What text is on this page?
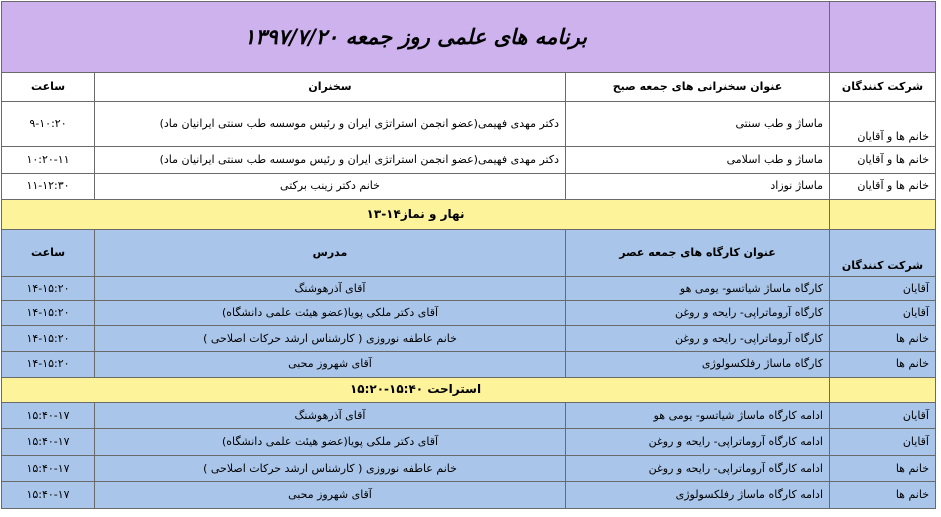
برنامه های علمی روز جمعه ۱۳۹۷/۷/۲۰			
ساعت	سخنران	عنوان سخنرانی های جمعه صبح	شرکت کنندگان
۹-۱۰:۲۰	دکتر مهدی فهیمی(عضو انجمن استراتژی ایران و رئیس موسسه طب سنتی ایرانیان ماد)	ماساژ و طب سنتی	خانم ها و آقایان
۱۰:۲۰-۱۱	دکتر مهدی فهیمی(عضو انجمن استراتژی ایران و رئیس موسسه طب سنتی ایرانیان ماد)	ماساژ و طب اسلامی	خانم ها و آقایان
۱۱-۱۲:۳۰	خانم دکتر زینب برکتی	ماساژ نوزاد	خانم ها و آقایان
نهار و نماز۱۴-۱۳			
ساعت	مدرس	عنوان کارگاه های جمعه عصر	شرکت کنندگان
۱۴-۱۵:۲۰	آقای آذرهوشنگ	کارگاه ماساژ شیاتسو- یومی هو	آقایان
۱۴-۱۵:۲۰	آقای دکتر ملکی پویا(عضو هیئت علمی دانشگاه)	کارگاه آروماتراپی- رایحه و روغن	آقایان
۱۴-۱۵:۲۰	خانم عاطفه نوروزی ( کارشناس ارشد حرکات اصلاحی )	کارگاه آروماتراپی- رایحه و روغن	خانم ها
۱۴-۱۵:۲۰	آقای شهروز محبی	کارگاه ماساژ رفلکسولوژی	خانم ها
استراحت ۱۵:۴۰-۱۵:۲۰			
۱۵:۴۰-۱۷	آقای آذرهوشنگ	ادامه کارگاه ماساژ شیاتسو- یومی هو	آقایان
۱۵:۴۰-۱۷	آقای دکتر ملکی پویا(عضو هیئت علمی دانشگاه)	ادامه کارگاه آروماتراپی- رایحه و روغن	آقایان
۱۵:۴۰-۱۷	خانم عاطفه نوروزی ( کارشناس ارشد حرکات اصلاحی )	ادامه کارگاه آروماتراپی- رایحه و روغن	خانم ها
۱۵:۴۰-۱۷	آقای شهروز محبی	ادامه کارگاه ماساژ رفلکسولوژی	خانم ها
